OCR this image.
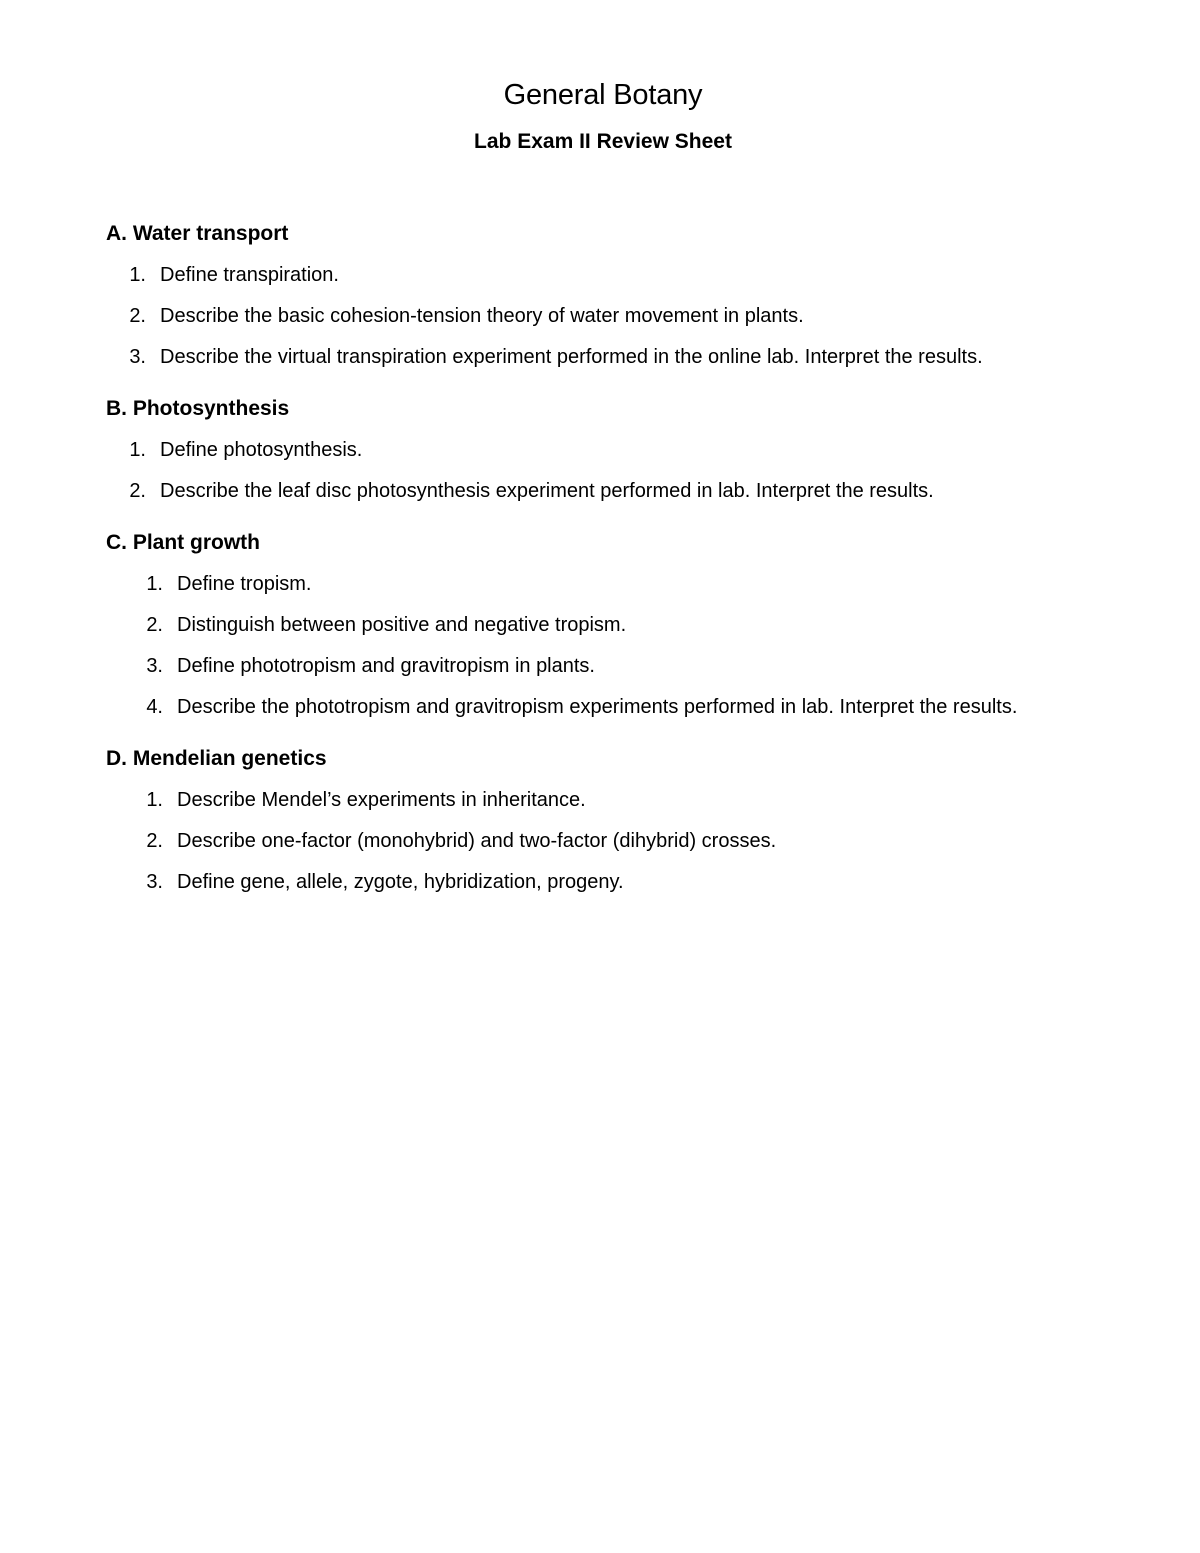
General Botany
Lab Exam II Review Sheet
A. Water transport
1. Define transpiration.
2. Describe the basic cohesion-tension theory of water movement in plants.
3. Describe the virtual transpiration experiment performed in the online lab. Interpret the results.
B. Photosynthesis
1. Define photosynthesis.
2. Describe the leaf disc photosynthesis experiment performed in lab. Interpret the results.
C. Plant growth
1. Define tropism.
2. Distinguish between positive and negative tropism.
3. Define phototropism and gravitropism in plants.
4. Describe the phototropism and gravitropism experiments performed in lab. Interpret the results.
D. Mendelian genetics
1. Describe Mendel’s experiments in inheritance.
2. Describe one-factor (monohybrid) and two-factor (dihybrid) crosses.
3. Define gene, allele, zygote, hybridization, progeny.
